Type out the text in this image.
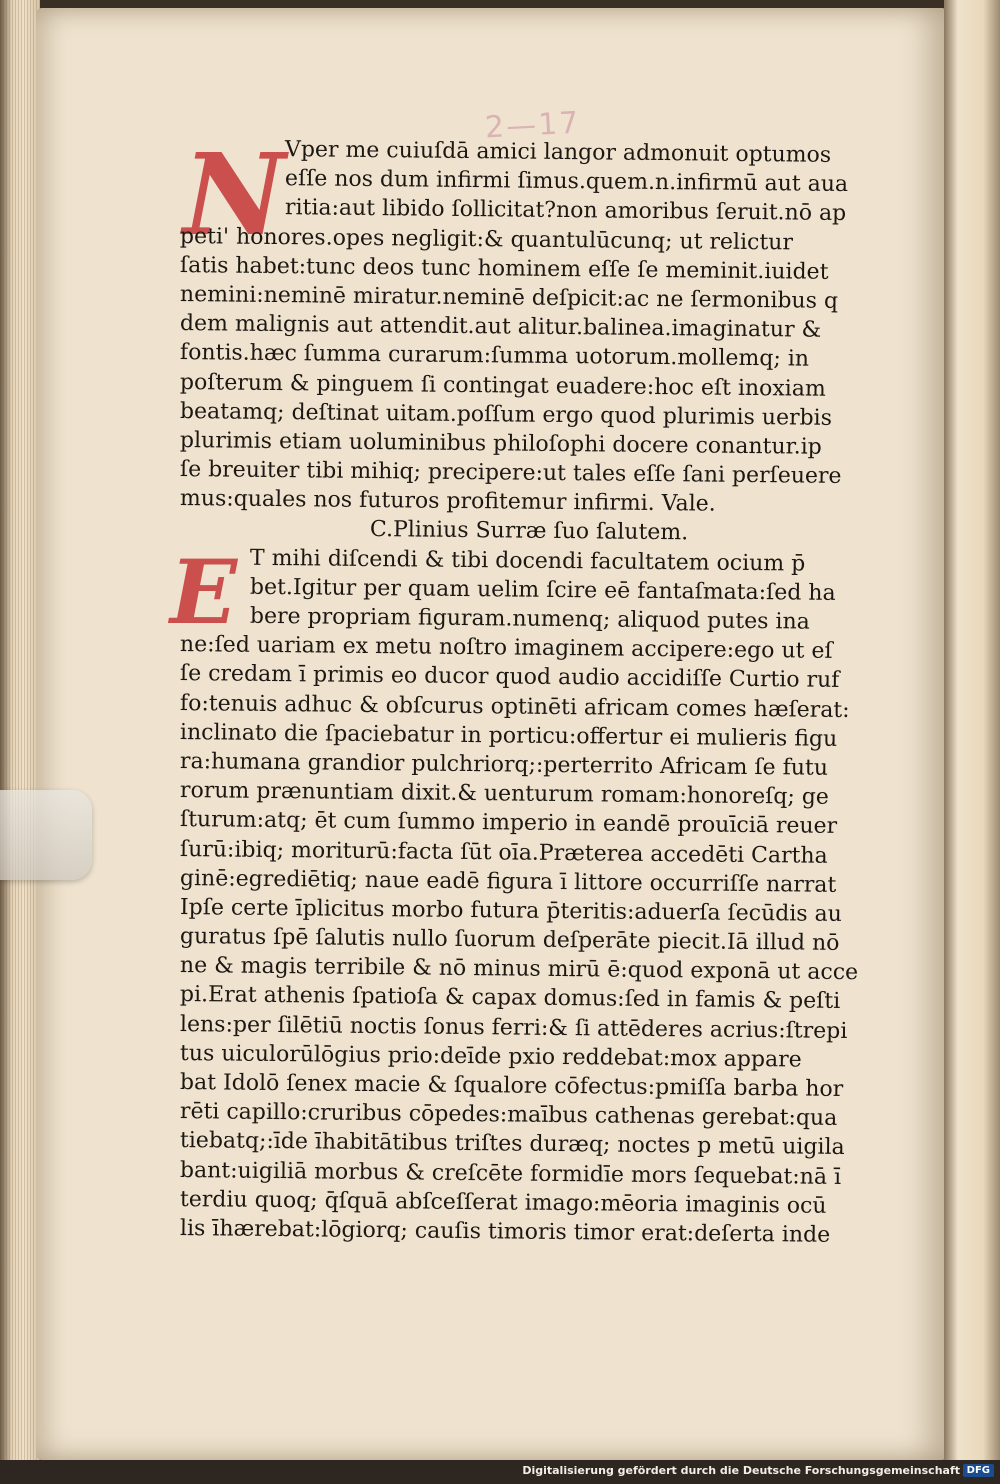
2—17
N
E
Vper me cuiuſdā amici langor admonuit optumos
eſſe nos dum infirmi ſimus.quem.n.infirmū aut aua
ritia:aut libido ſollicitat?non amoribus ſeruit.nō ap
peti' honores.opes negligit:& quantulūcunq; ut relictur
ſatis habet:tunc deos tunc hominem eſſe ſe meminit.iuidet
nemini:neminē miratur.neminē deſpicit:ac ne ſermonibus q
dem malignis aut attendit.aut alitur.balinea.imaginatur &
fontis.hæc ſumma curarum:ſumma uotorum.mollemq; in
poſterum & pinguem ſi contingat euadere:hoc eſt inoxiam
beatamq; deſtinat uitam.poſſum ergo quod plurimis uerbis
plurimis etiam uoluminibus philoſophi docere conantur.ip
ſe breuiter tibi mihiq; precipere:ut tales eſſe ſani perſeuere
mus:quales nos futuros profitemur infirmi. Vale.
C.Plinius Surræ ſuo ſalutem.
T mihi diſcendi & tibi docendi facultatem ocium p̄
bet.Igitur per quam uelim ſcire eē fantaſmata:ſed ha
bere propriam figuram.numenq; aliquod putes ina
ne:ſed uariam ex metu noſtro imaginem accipere:ego ut eſ
ſe credam ī primis eo ducor quod audio accidiſſe Curtio ruf
fo:tenuis adhuc & obſcurus optinēti africam comes hæſerat:
inclinato die ſpaciebatur in porticu:offertur ei mulieris figu
ra:humana grandior pulchriorq;:perterrito Africam ſe futu
rorum prænuntiam dixit.& uenturum romam:honoreſq; ge
ſturum:atq; ēt cum ſummo imperio in eandē prouīciā reuer
ſurū:ibiq; moriturū:facta ſūt oīa.Præterea accedēti Cartha
ginē:egrediētiq; naue eadē figura ī littore occurriſſe narrat
Ipſe certe īplicitus morbo futura p̄teritis:aduerſa ſecūdis au
guratus ſpē ſalutis nullo ſuorum deſperāte piecit.Iā illud nō
ne & magis terribile & nō minus mirū ē:quod exponā ut acce
pi.Erat athenis ſpatioſa & capax domus:ſed in famis & peſti
lens:per ſilētiū noctis ſonus ferri:& ſi attēderes acrius:ſtrepi
tus uiculorūlōgius prio:deīde pxio reddebat:mox appare
bat Idolō ſenex macie & ſqualore cōfectus:pmiſſa barba hor
rēti capillo:cruribus cōpedes:maībus cathenas gerebat:qua
tiebatq;:īde īhabitātibus triſtes duræq; noctes p metū uigila
bant:uigiliā morbus & creſcēte formidīe mors ſequebat:nā ī
terdiu quoq; q̄ſquā abſceſſerat imago:mēoria imaginis ocū
lis īhærebat:lōgiorq; cauſis timoris timor erat:deſerta inde
Digitalisierung gefördert durch die Deutsche Forschungsgemeinschaft DFG
